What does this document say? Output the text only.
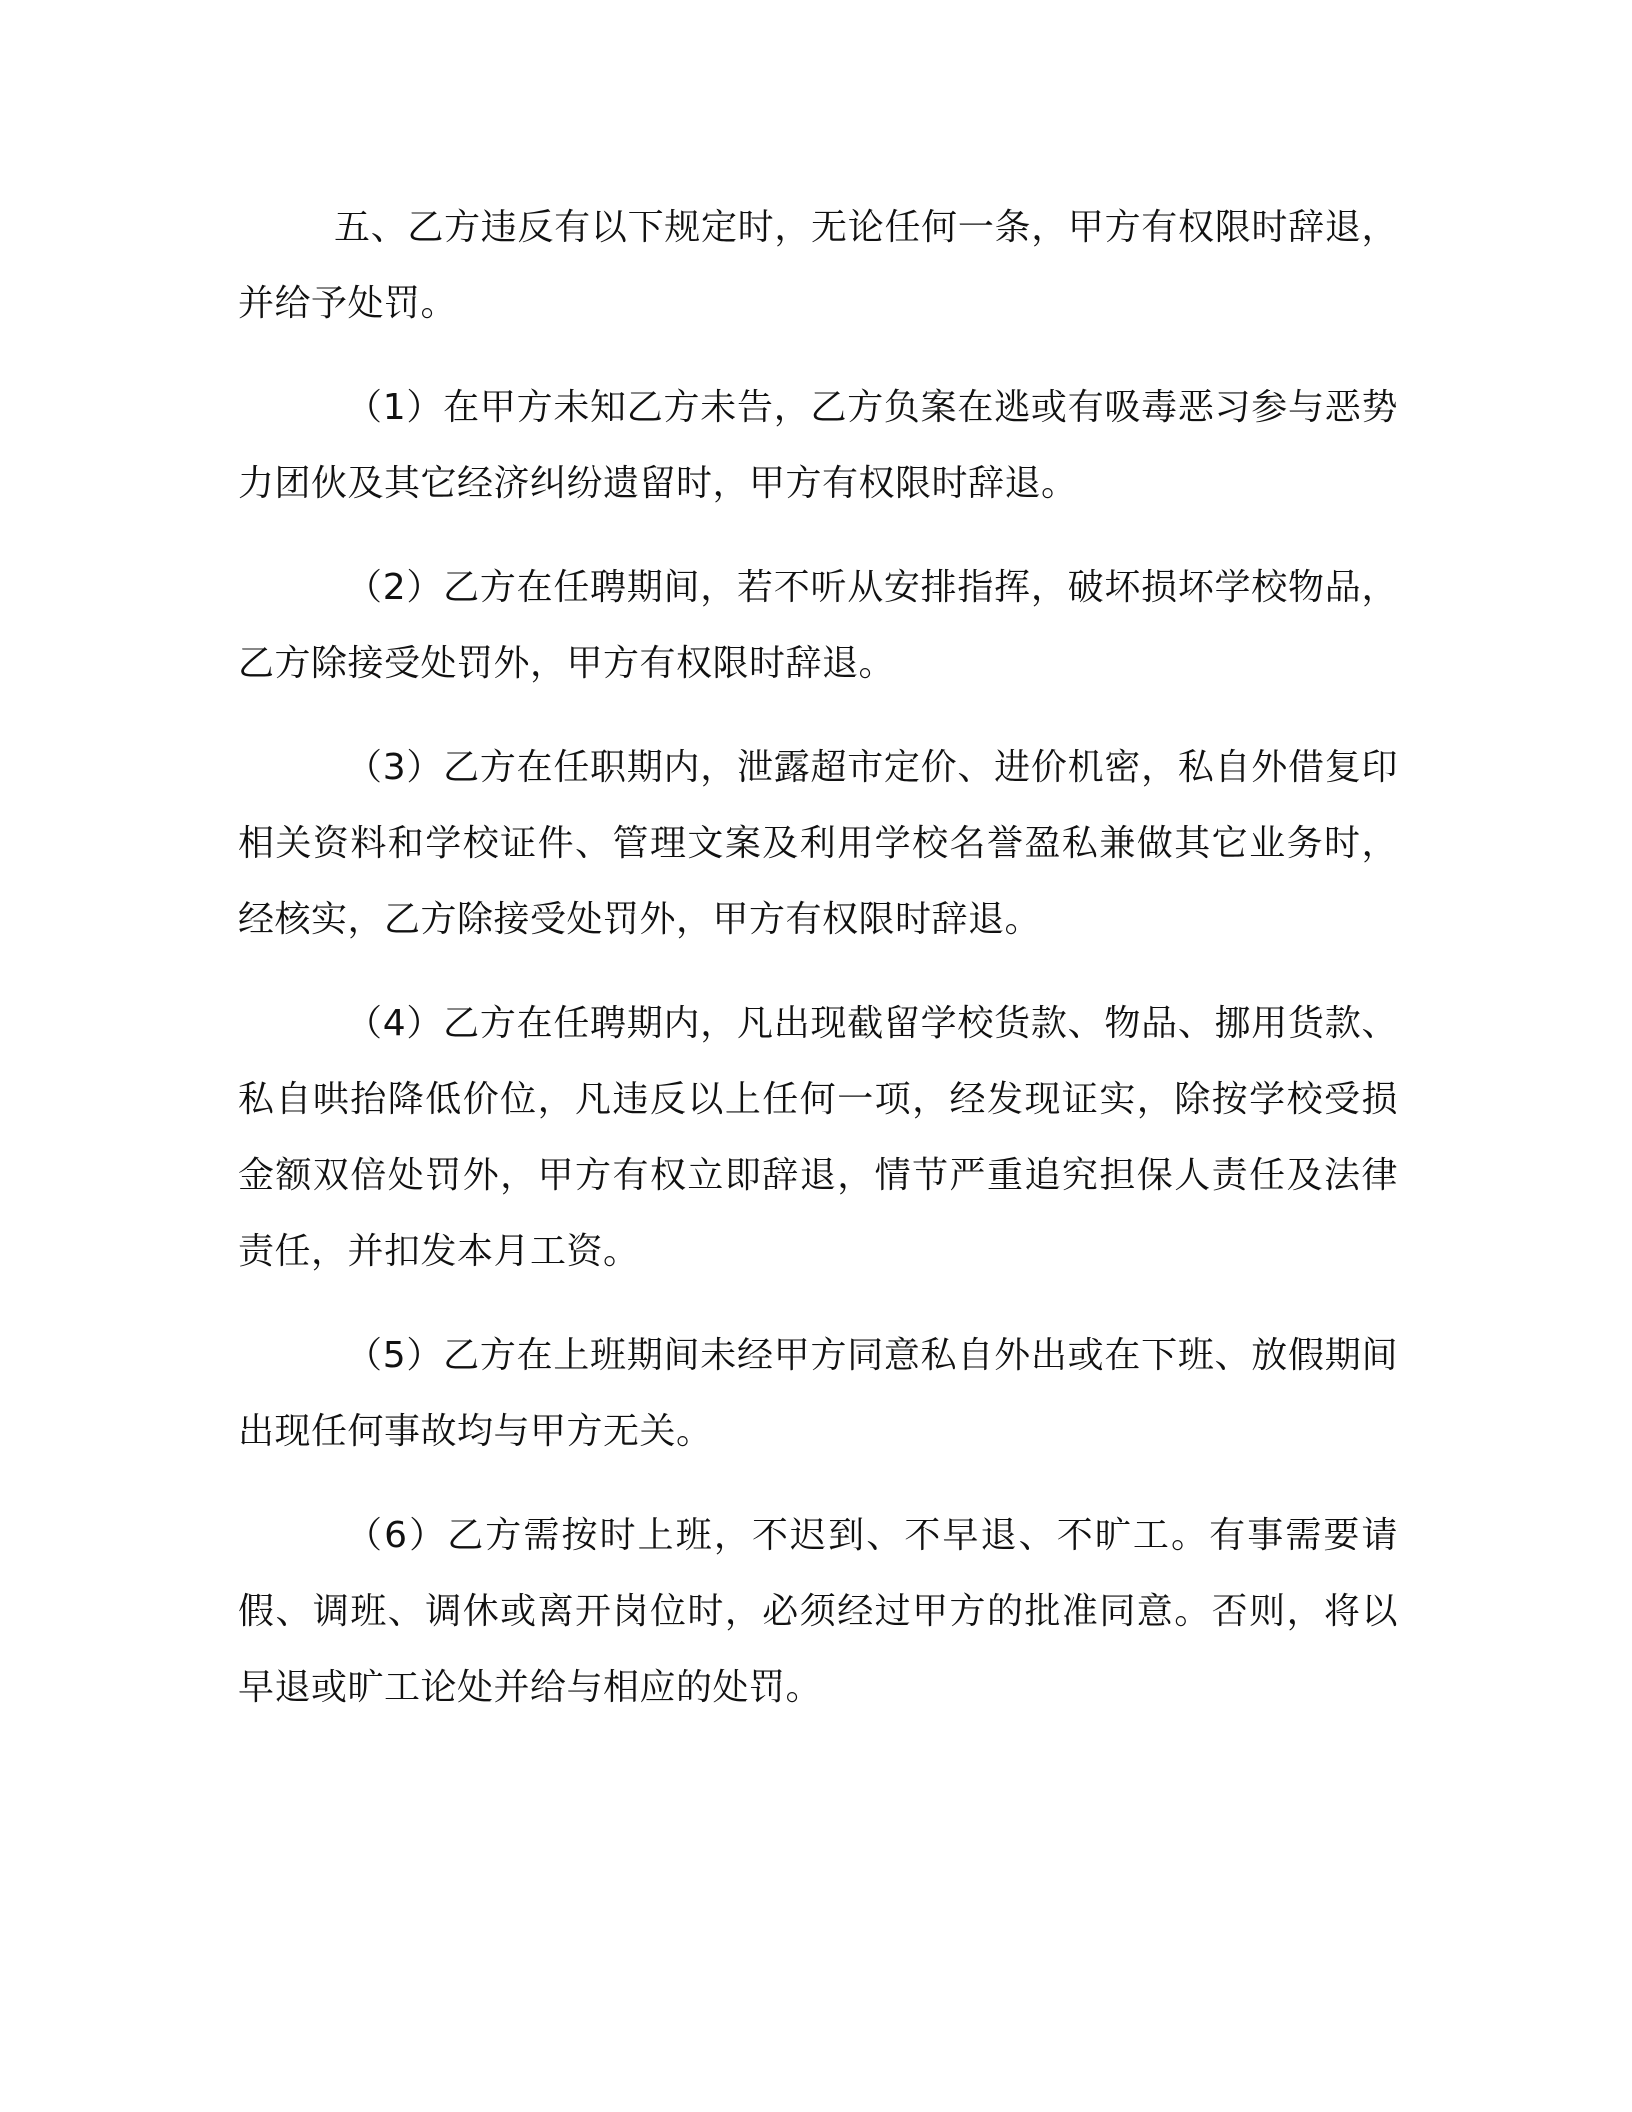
五、乙方违反有以下规定时，无论任何一条，甲方有权限时辞退，并给予处罚。

（1）在甲方未知乙方未告，乙方负案在逃或有吸毒恶习参与恶势力团伙及其它经济纠纷遗留时，甲方有权限时辞退。

（2）乙方在任聘期间，若不听从安排指挥，破坏损坏学校物品，乙方除接受处罚外，甲方有权限时辞退。

（3）乙方在任职期内，泄露超市定价、进价机密，私自外借复印相关资料和学校证件、管理文案及利用学校名誉盈私兼做其它业务时，经核实，乙方除接受处罚外，甲方有权限时辞退。

（4）乙方在任聘期内，凡出现截留学校货款、物品、挪用货款、私自哄抬降低价位，凡违反以上任何一项，经发现证实，除按学校受损金额双倍处罚外，甲方有权立即辞退，情节严重追究担保人责任及法律责任，并扣发本月工资。

（5）乙方在上班期间未经甲方同意私自外出或在下班、放假期间出现任何事故均与甲方无关。

（6）乙方需按时上班，不迟到、不早退、不旷工。有事需要请假、调班、调休或离开岗位时，必须经过甲方的批准同意。否则，将以早退或旷工论处并给与相应的处罚。
